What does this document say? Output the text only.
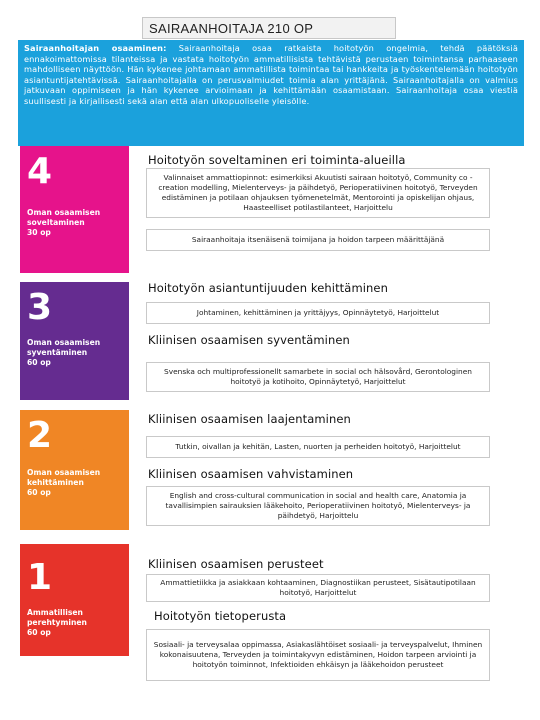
SAIRAANHOITAJA 210 OP
Sairaanhoitajan osaaminen: Sairaanhoitaja osaa ratkaista hoitotyön ongelmia, tehdä päätöksiä ennakoimattomissa tilanteissa ja vastata hoitotyön ammatillisista tehtävistä perustaen toimintansa parhaaseen mahdolliseen näyttöön. Hän kykenee johtamaan ammatillista toimintaa tai hankkeita ja työskentelemään hoitotyön asiantuntijatehtävissä. Sairaanhoitajalla on perusvalmiudet toimia alan yrittäjänä. Sairaanhoitajalla on valmius jatkuvaan oppimiseen ja hän kykenee arvioimaan ja kehittämään osaamistaan. Sairaanhoitaja osaa viestiä suullisesti ja kirjallisesti sekä alan että alan ulkopuoliselle yleisölle.
4
Oman osaamisen
soveltaminen
30 op
3
Oman osaamisen
syventäminen
60 op
2
Oman osaamisen
kehittäminen
60 op
1
Ammatillisen
perehtyminen
60 op
Hoitotyön soveltaminen eri toiminta-alueilla
Valinnaiset ammattiopinnot: esimerkiksi Akuutisti sairaan hoitotyö, Community co -creation modelling, Mielenterveys- ja päihdetyö, Perioperatiivinen hoitotyö, Terveyden edistäminen ja potilaan ohjauksen työmenetelmät, Mentorointi ja opiskelijan ohjaus, Haasteelliset potilastilanteet, Harjoittelu
Sairaanhoitaja itsenäisenä toimijana ja hoidon tarpeen määrittäjänä
Hoitotyön asiantuntijuuden kehittäminen
Johtaminen, kehittäminen ja yrittäjyys, Opinnäytetyö, Harjoittelut
Kliinisen osaamisen syventäminen
Svenska och multiprofessionellt samarbete in social och hälsovård, Gerontologinen hoitotyö ja kotihoito, Opinnäytetyö, Harjoittelut
Kliinisen osaamisen laajentaminen
Tutkin, oivallan ja kehitän, Lasten, nuorten ja perheiden hoitotyö, Harjoittelut
Kliinisen osaamisen vahvistaminen
English and cross-cultural communication in social and health care, Anatomia ja tavallisimpien sairauksien lääkehoito, Perioperatiivinen hoitotyö, Mielenterveys- ja päihdetyö, Harjoittelu
Kliinisen osaamisen perusteet
Ammattietiikka ja asiakkaan kohtaaminen, Diagnostiikan perusteet, Sisätautipotilaan hoitotyö, Harjoittelut
Hoitotyön tietoperusta
Sosiaali- ja terveysalaa oppimassa, Asiakaslähtöiset sosiaali- ja terveyspalvelut, Ihminen kokonaisuutena, Terveyden ja toimintakyvyn edistäminen, Hoidon tarpeen arviointi ja hoitotyön toiminnot, Infektioiden ehkäisyn ja lääkehoidon perusteet
